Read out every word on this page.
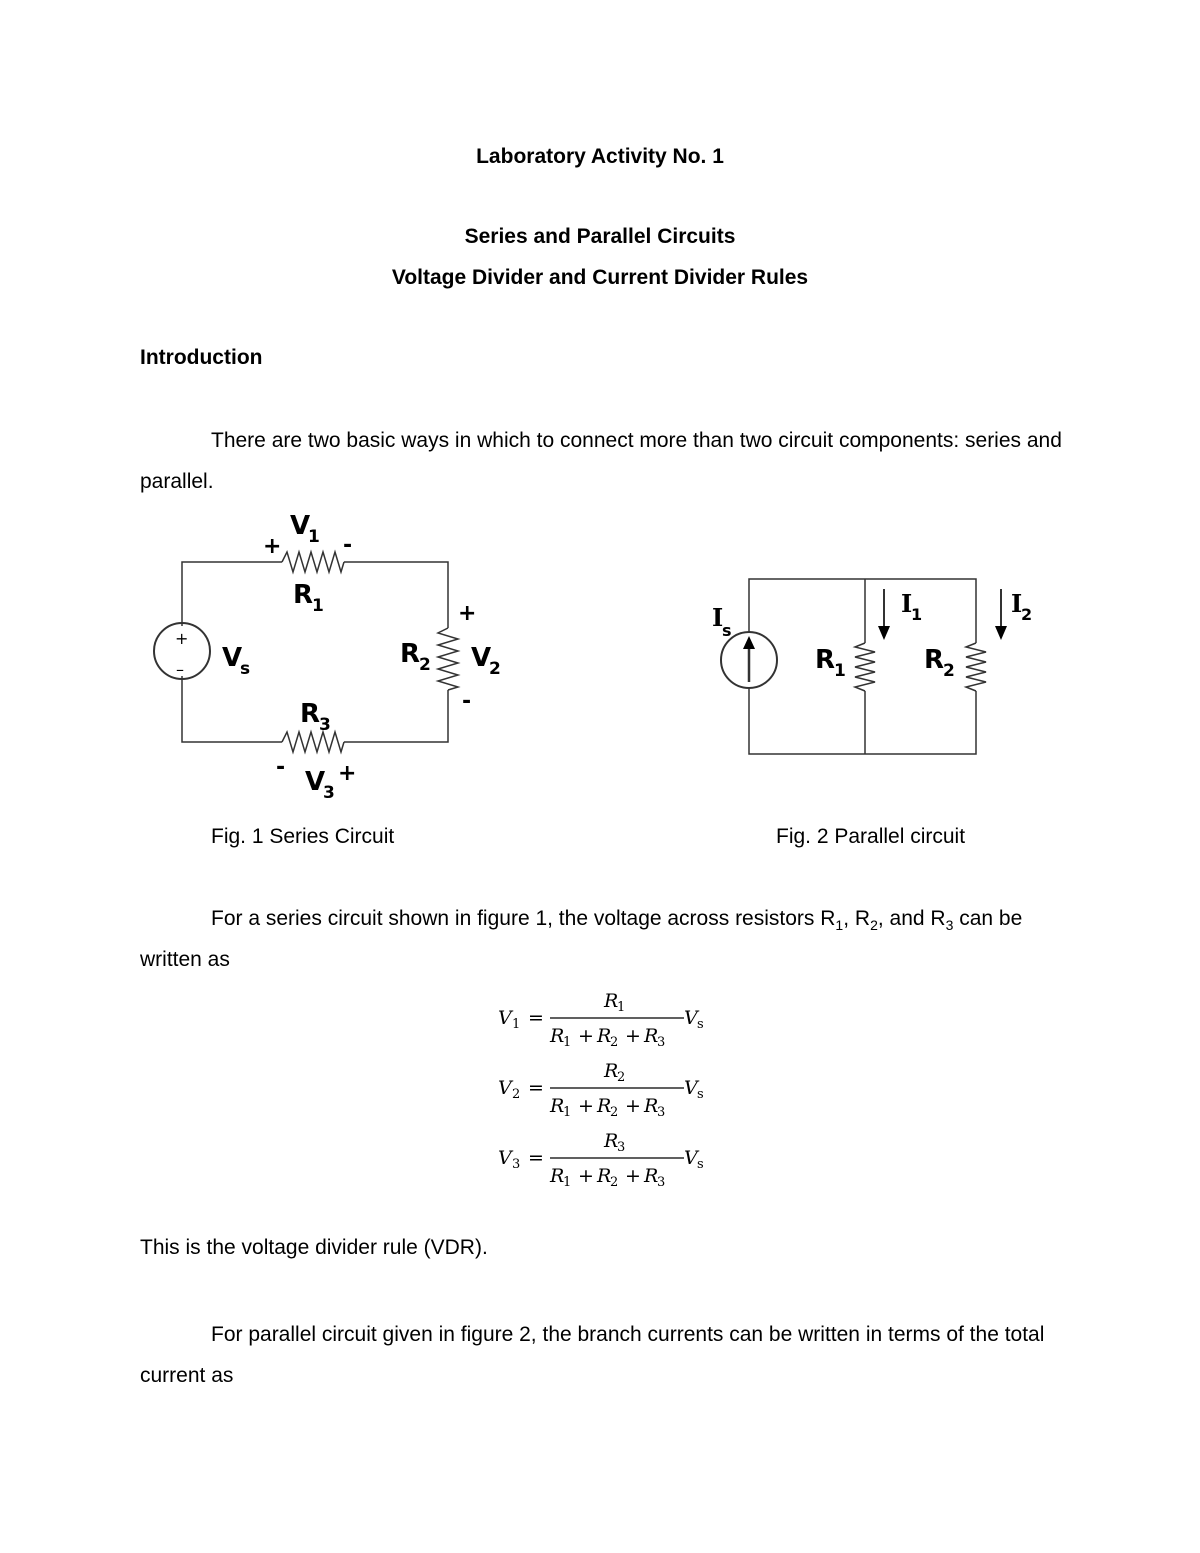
Laboratory Activity No. 1
Series and Parallel Circuits
Voltage Divider and Current Divider Rules
Introduction

There are two basic ways in which to connect more than two circuit components: series and parallel.

+
–
V
1
+	-
R
1
V
s
+
R
2 V
2
-
R
3
- V
3
+
I
s
I
1	I
2
R
1	R
2
Fig. 1 Series Circuit	Fig. 2 Parallel circuit

For a series circuit shown in figure 1, the voltage across resistors $R_1$, $R_2$, and $R_3$ can be written as

V 1 =
R
1
R
1 + R
2 + R
3
V s
V 2 =
R
2
R
1 + R
2 + R
3
V s
V 3 =
R
3
R
1 + R
2 + R
3
V s
This is the voltage divider rule (VDR).

For parallel circuit given in figure 2, the branch currents can be written in terms of the total current as
